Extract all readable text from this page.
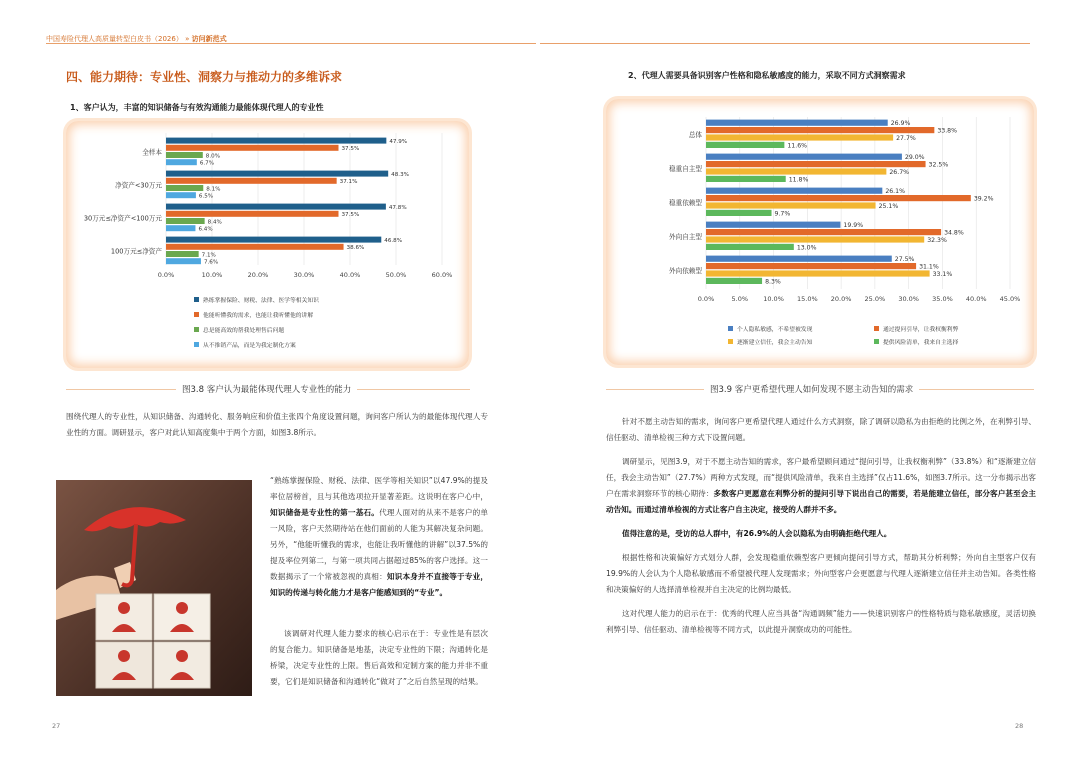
中国寿险代理人高质量转型白皮书（2026） » 访问新范式
四、能力期待：专业性、洞察力与推动力的多维诉求
1、客户认为，丰富的知识储备与有效沟通能力最能体现代理人的专业性
0.0%	10.0%	20.0%	30.0%	40.0%	50.0%	60.0%
全样本
47.9%
37.5%
8.0%
6.7%
净资产<30万元
48.3%
37.1%
8.1%
6.5%
30万元≤净资产<100万元
47.8%
37.5%
8.4%
6.4%
100万元≤净资产
46.8%
38.6%
7.1%
7.6%
熟练掌握保险、财税、法律、医学等相关知识
他能听懂我的需求，也能让我听懂他的讲解
总是能高效的帮我处理售后问题
从不推销产品，而是为我定制化方案
图3.8 客户认为最能体现代理人专业性的能力
围绕代理人的专业性，从知识储备、沟通转化、服务响应和价值主张四个角度设置问题，询问客户所认为的最能体现代理人专业性的方面。调研显示，客户对此认知高度集中于两个方面，如图3.8所示。
“熟练掌握保险、财税、法律、医学等相关知识”以47.9%的提及率位居榜首，且与其他选项拉开显著差距。这说明在客户心中，知识储备是专业性的第一基石。代理人面对的从来不是客户的单一风险，客户天然期待站在他们面前的人能为其解决复杂问题。另外，“他能听懂我的需求，也能让我听懂他的讲解”以37.5%的提及率位列第二，与第一项共同占据超过85%的客户选择。这一数据揭示了一个常被忽视的真相：知识本身并不直接等于专业，知识的传递与转化能力才是客户能感知到的“专业”。
该调研对代理人能力要求的核心启示在于：专业性是有层次的复合能力。知识储备是地基，决定专业性的下限；沟通转化是桥梁，决定专业性的上限。售后高效和定制方案的能力并非不重要，它们是知识储备和沟通转化“做对了”之后自然呈现的结果。
27
2、代理人需要具备识别客户性格和隐私敏感度的能力，采取不同方式洞察需求
0.0%	5.0% 10.0% 15.0% 20.0% 25.0% 30.0% 35.0% 40.0% 45.0%
总体
26.9%
33.8%
27.7%
11.6%
稳重自主型
29.0%
32.5%
26.7%
11.8%
稳重依赖型
26.1%
39.2%
25.1%
9.7%
外向自主型
19.9%
34.8%
32.3%
13.0%
外向依赖型
27.5%
31.1%
33.1%
8.3%
个人隐私敏感，不希望被发现	通过提问引导，让我权衡利弊
逐渐建立信任，我会主动告知	提供风险清单，我来自主选择
图3.9 客户更希望代理人如何发现不愿主动告知的需求
针对不愿主动告知的需求，询问客户更希望代理人通过什么方式洞察，除了调研以隐私为由拒绝的比例之外，在利弊引导、信任驱动、清单检视三种方式下设置问题。
调研显示，见图3.9，对于不愿主动告知的需求，客户最希望顾问通过“提问引导，让我权衡利弊”（33.8%）和“逐渐建立信任，我会主动告知”（27.7%）两种方式发现，而“提供风险清单，我来自主选择”仅占11.6%，如图3.7所示。这一分布揭示出客户在需求洞察环节的核心期待：多数客户更愿意在利弊分析的提问引导下说出自己的需要，若是能建立信任，部分客户甚至会主动告知。而通过清单检视的方式让客户自主决定，接受的人群并不多。
值得注意的是，受访的总人群中，有26.9%的人会以隐私为由明确拒绝代理人。
根据性格和决策偏好方式划分人群，会发现稳重依赖型客户更倾向提问引导方式，帮助其分析利弊；外向自主型客户仅有19.9%的人会认为个人隐私敏感而不希望被代理人发现需求；外向型客户会更愿意与代理人逐渐建立信任并主动告知。各类性格和决策偏好的人选择清单检视并自主决定的比例均最低。
这对代理人能力的启示在于：优秀的代理人应当具备“沟通调频”能力——快速识别客户的性格特质与隐私敏感度，灵活切换利弊引导、信任驱动、清单检视等不同方式，以此提升洞察成功的可能性。
28
